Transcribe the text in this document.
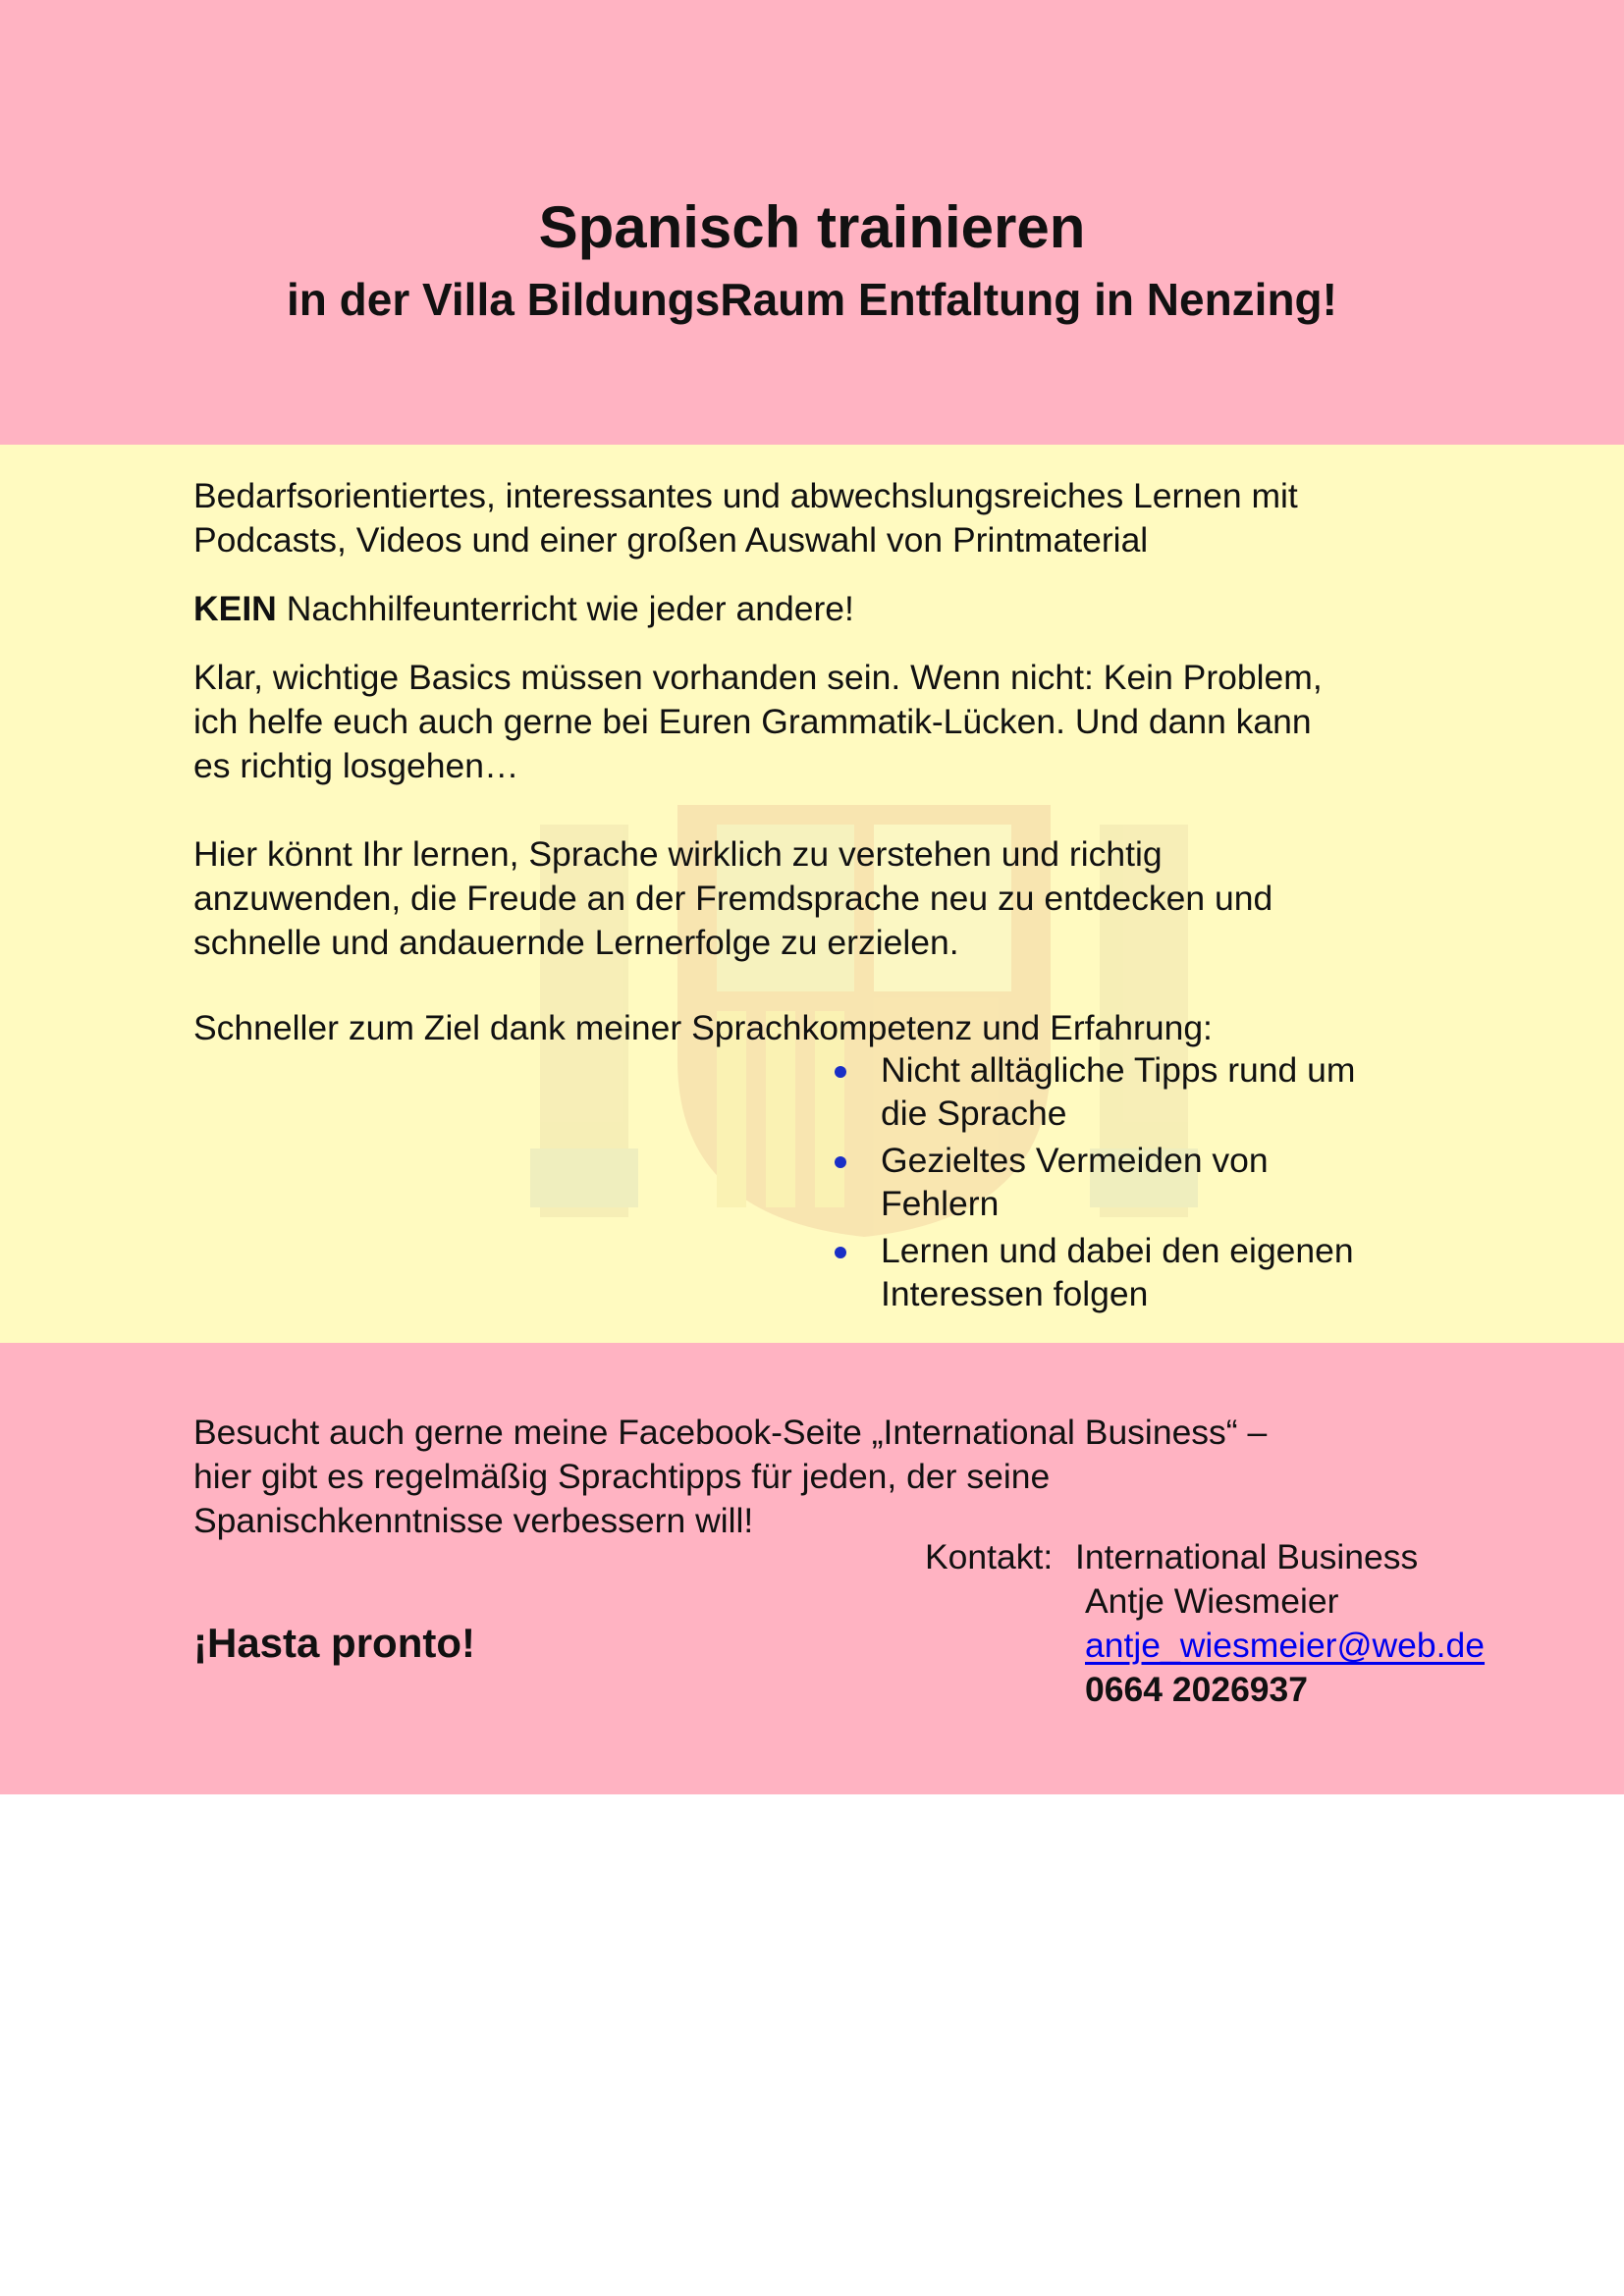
Spanisch trainieren

in der Villa BildungsRaum Entfaltung in Nenzing!

Bedarfsorientiertes, interessantes und abwechslungsreiches Lernen mit

Podcasts, Videos und einer großen Auswahl von Printmaterial

KEIN Nachhilfeunterricht wie jeder andere!

Klar, wichtige Basics müssen vorhanden sein. Wenn nicht: Kein Problem,

ich helfe euch auch gerne bei Euren Grammatik-Lücken. Und dann kann

es richtig losgehen…

Hier könnt Ihr lernen, Sprache wirklich zu verstehen und richtig

anzuwenden, die Freude an der Fremdsprache neu zu entdecken und

schnelle und andauernde Lernerfolge zu erzielen.

Schneller zum Ziel dank meiner Sprachkompetenz und Erfahrung:

Nicht alltägliche Tipps rund um
die Sprache
Gezieltes Vermeiden von
Fehlern
Lernen und dabei den eigenen
Interessen folgen

Besucht auch gerne meine Facebook-Seite „International Business“ –

hier gibt es regelmäßig Sprachtipps für jeden, der seine

Spanischkenntnisse verbessern will!

Kontakt: International Business
Antje Wiesmeier
antje_wiesmeier@web.de
0664 2026937
¡Hasta pronto!
